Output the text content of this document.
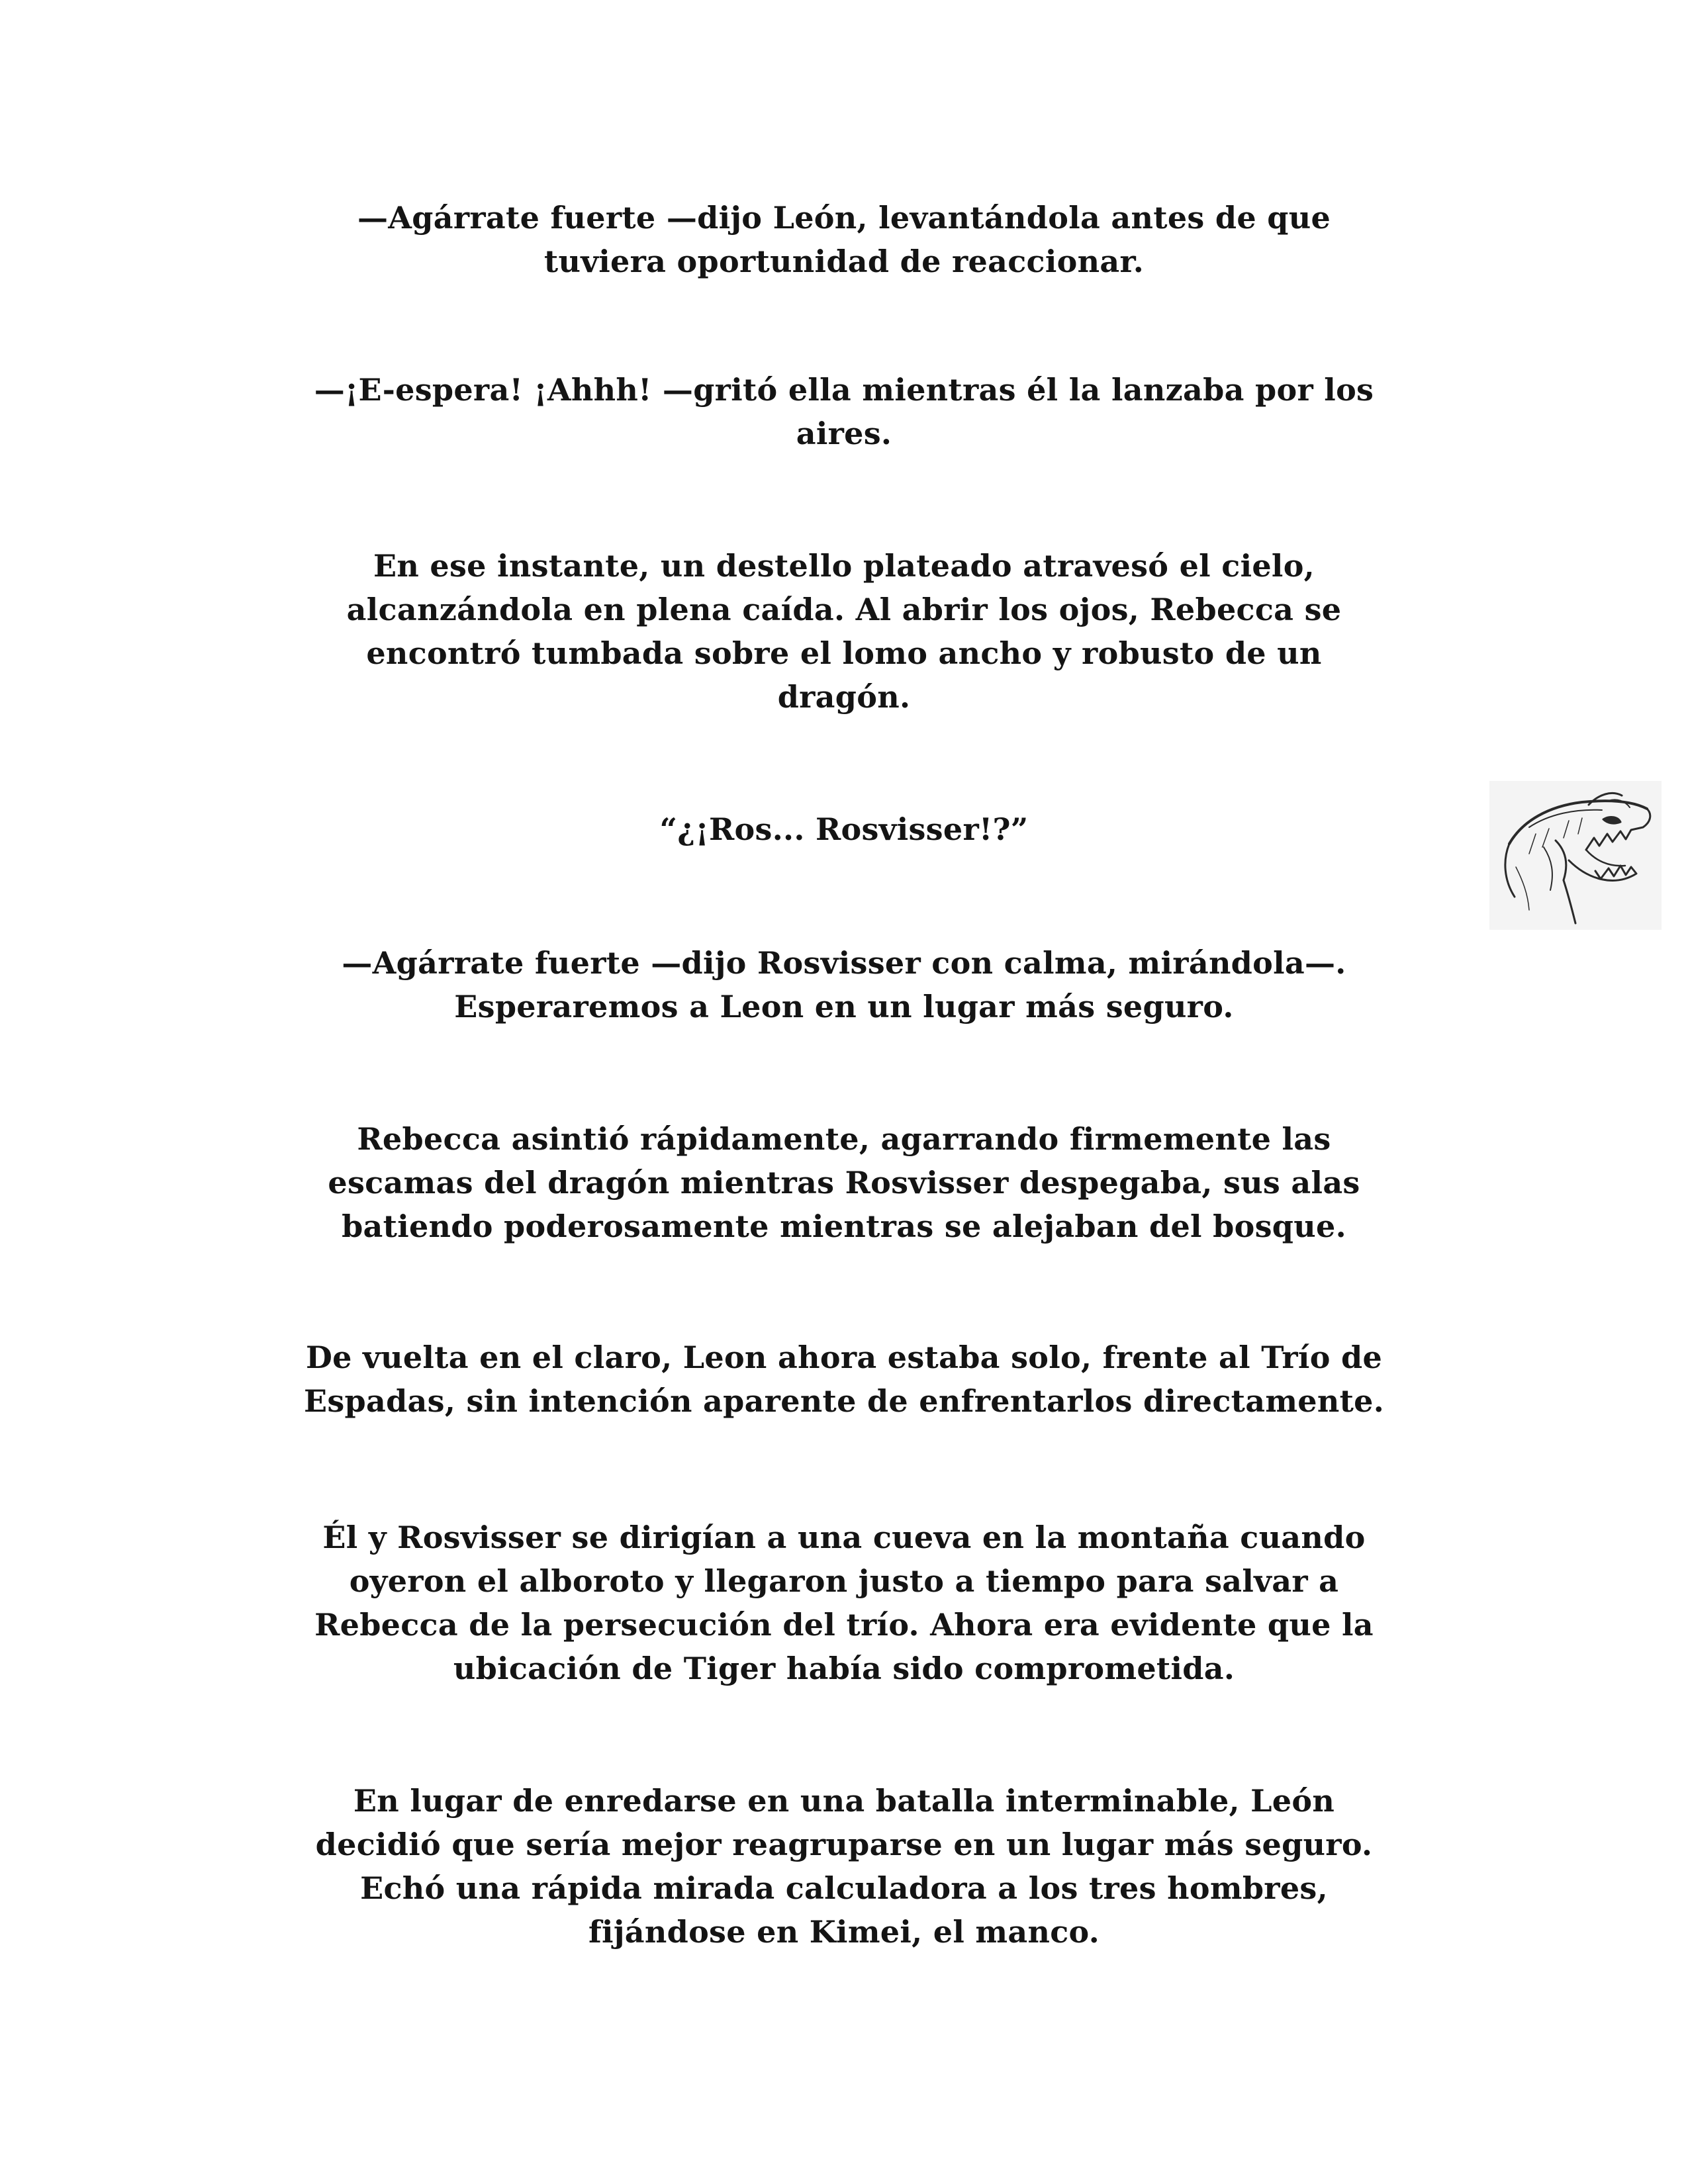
—Agárrate fuerte —dijo León, levantándola antes de que
tuviera oportunidad de reaccionar.

—¡E-espera! ¡Ahhh! —gritó ella mientras él la lanzaba por los
aires.

En ese instante, un destello plateado atravesó el cielo,
alcanzándola en plena caída. Al abrir los ojos, Rebecca se
encontró tumbada sobre el lomo ancho y robusto de un
dragón.

“¿¡Ros... Rosvisser!?”

—Agárrate fuerte —dijo Rosvisser con calma, mirándola—.
Esperaremos a Leon en un lugar más seguro.

Rebecca asintió rápidamente, agarrando firmemente las
escamas del dragón mientras Rosvisser despegaba, sus alas
batiendo poderosamente mientras se alejaban del bosque.

De vuelta en el claro, Leon ahora estaba solo, frente al Trío de
Espadas, sin intención aparente de enfrentarlos directamente.

Él y Rosvisser se dirigían a una cueva en la montaña cuando
oyeron el alboroto y llegaron justo a tiempo para salvar a
Rebecca de la persecución del trío. Ahora era evidente que la
ubicación de Tiger había sido comprometida.

En lugar de enredarse en una batalla interminable, León
decidió que sería mejor reagruparse en un lugar más seguro.
Echó una rápida mirada calculadora a los tres hombres,
fijándose en Kimei, el manco.
